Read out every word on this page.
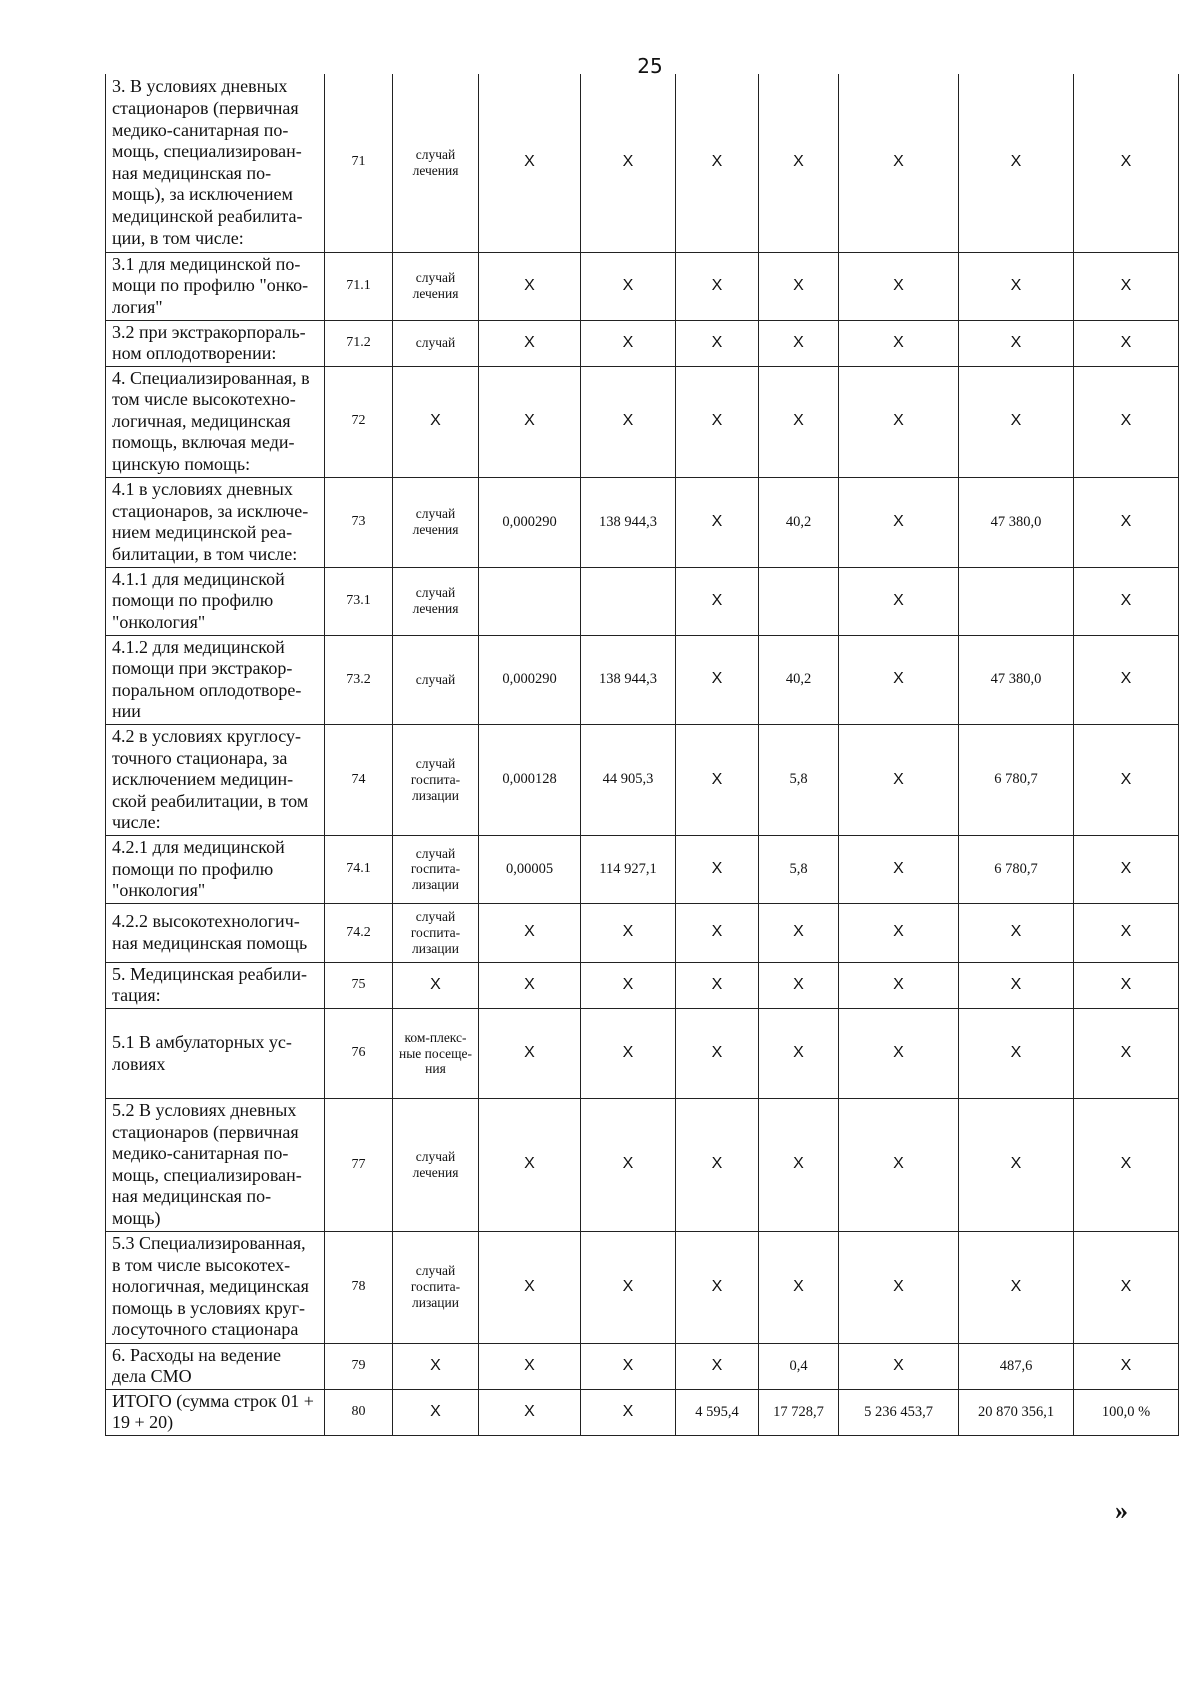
25
3. В условиях дневных стационаров (первичная медико-санитарная по-мощь, специализирован-ная медицинская по-мощь), за исключением медицинской реабилита-ции, в том числе:	71	случай лечения	X	X	X	X	X	X	X
3.1 для медицинской по-мощи по профилю "онко-логия"	71.1	случай лечения	X	X	X	X	X	X	X
3.2 при экстракорпораль-ном оплодотворении:	71.2	случай	X	X	X	X	X	X	X
4. Специализированная, в том числе высокотехно-логичная, медицинская помощь, включая меди-цинскую помощь:	72	X	X	X	X	X	X	X	X
4.1 в условиях дневных стационаров, за исключе-нием медицинской реа-билитации, в том числе:	73	случай лечения	0,000290	138 944,3	X	40,2	X	47 380,0	X
4.1.1 для медицинской помощи по профилю "онкология"	73.1	случай лечения			X		X		X
4.1.2 для медицинской помощи при экстракор-поральном оплодотворе-нии	73.2	случай	0,000290	138 944,3	X	40,2	X	47 380,0	X
4.2 в условиях круглосу-точного стационара, за исключением медицин-ской реабилитации, в том числе:	74	случай госпита-лизации	0,000128	44 905,3	X	5,8	X	6 780,7	X
4.2.1 для медицинской помощи по профилю "онкология"	74.1	случай госпита-лизации	0,00005	114 927,1	X	5,8	X	6 780,7	X
4.2.2 высокотехнологич-ная медицинская помощь	74.2	случай госпита-лизации	X	X	X	X	X	X	X
5. Медицинская реабили-тация:	75	X	X	X	X	X	X	X	X
5.1 В амбулаторных ус-ловиях	76	ком-плекс-ные посеще-ния	X	X	X	X	X	X	X
5.2 В условиях дневных стационаров (первичная медико-санитарная по-мощь, специализирован-ная медицинская по-мощь)	77	случай лечения	X	X	X	X	X	X	X
5.3 Специализированная, в том числе высокотех-нологичная, медицинская помощь в условиях круг-лосуточного стационара	78	случай госпита-лизации	X	X	X	X	X	X	X
6. Расходы на ведение дела СМО	79	X	X	X	X	0,4	X	487,6	X
ИТОГО (сумма строк 01 + 19 + 20)	80	X	X	X	4 595,4	17 728,7	5 236 453,7	20 870 356,1	100,0 %
»
